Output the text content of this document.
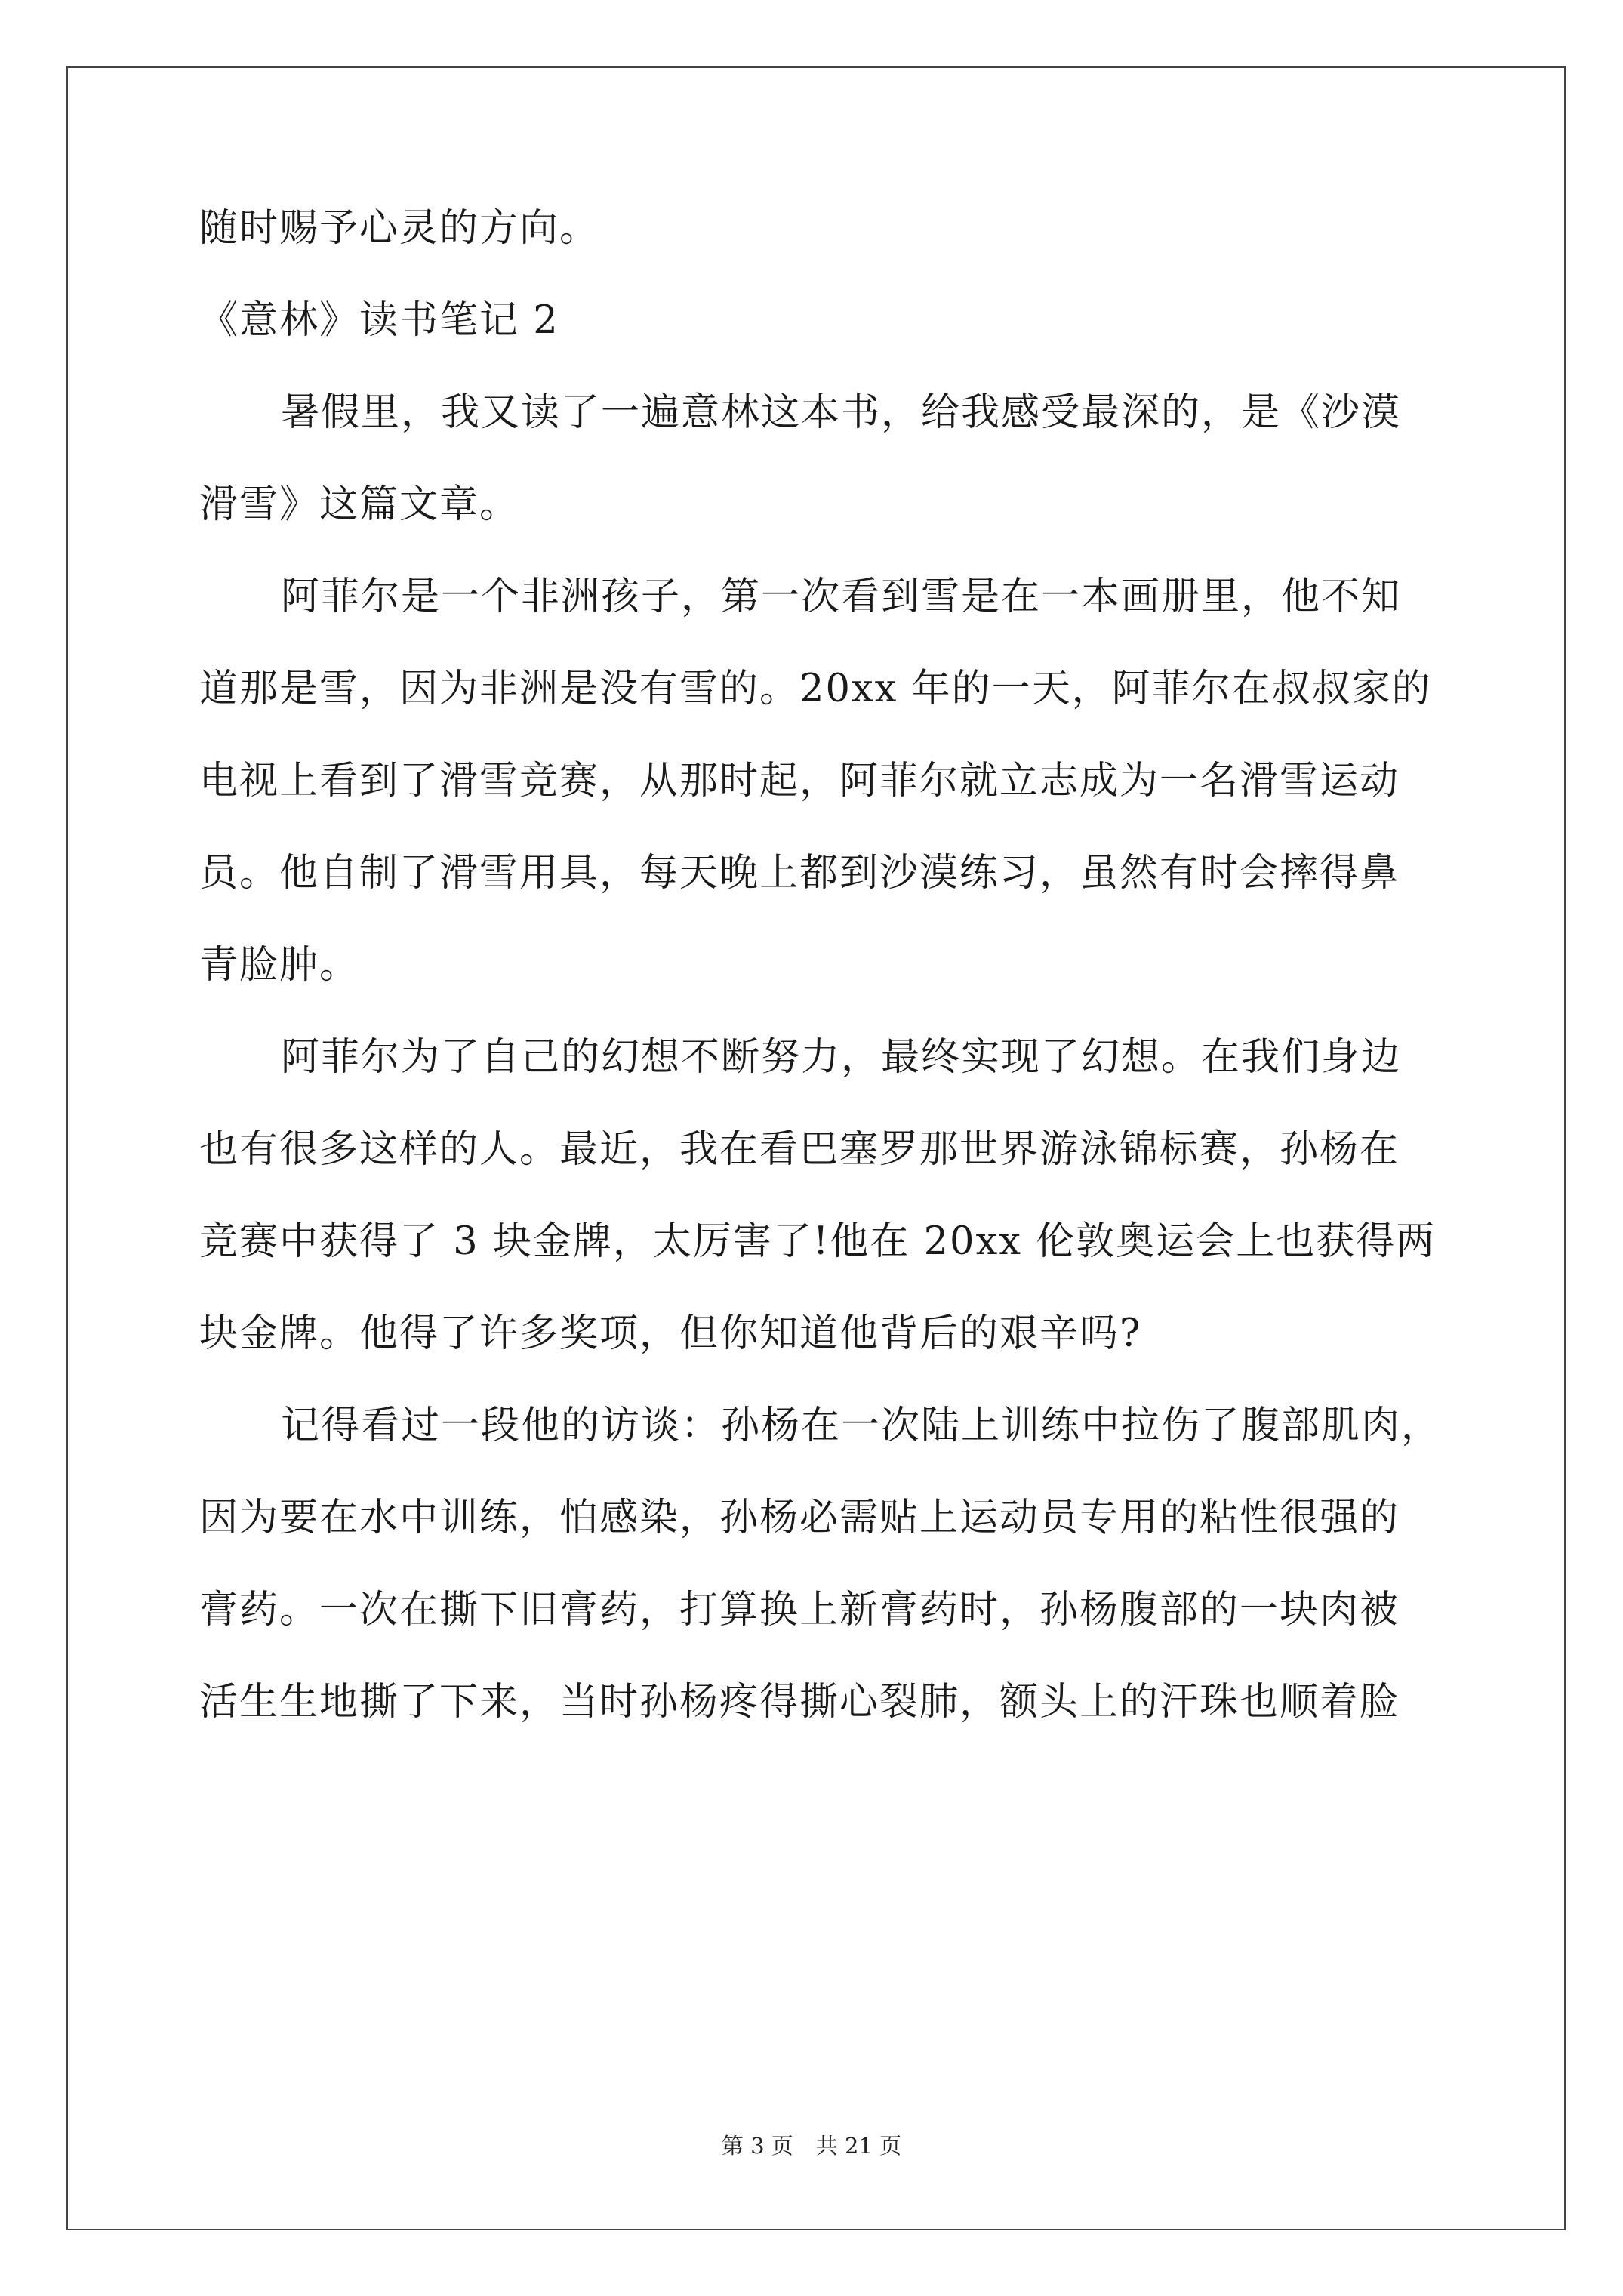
随时赐予心灵的方向。
《意林》读书笔记 2
暑假里，我又读了一遍意林这本书，给我感受最深的，是《沙漠
滑雪》这篇文章。
阿菲尔是一个非洲孩子，第一次看到雪是在一本画册里，他不知
道那是雪，因为非洲是没有雪的。20xx 年的一天，阿菲尔在叔叔家的
电视上看到了滑雪竞赛，从那时起，阿菲尔就立志成为一名滑雪运动
员。他自制了滑雪用具，每天晚上都到沙漠练习，虽然有时会摔得鼻
青脸肿。
阿菲尔为了自己的幻想不断努力，最终实现了幻想。在我们身边
也有很多这样的人。最近，我在看巴塞罗那世界游泳锦标赛，孙杨在
竞赛中获得了 3 块金牌，太厉害了!他在 20xx 伦敦奥运会上也获得两
块金牌。他得了许多奖项，但你知道他背后的艰辛吗?
记得看过一段他的访谈：孙杨在一次陆上训练中拉伤了腹部肌肉，
因为要在水中训练，怕感染，孙杨必需贴上运动员专用的粘性很强的
膏药。一次在撕下旧膏药，打算换上新膏药时，孙杨腹部的一块肉被
活生生地撕了下来，当时孙杨疼得撕心裂肺，额头上的汗珠也顺着脸
第 3 页 共 21 页
